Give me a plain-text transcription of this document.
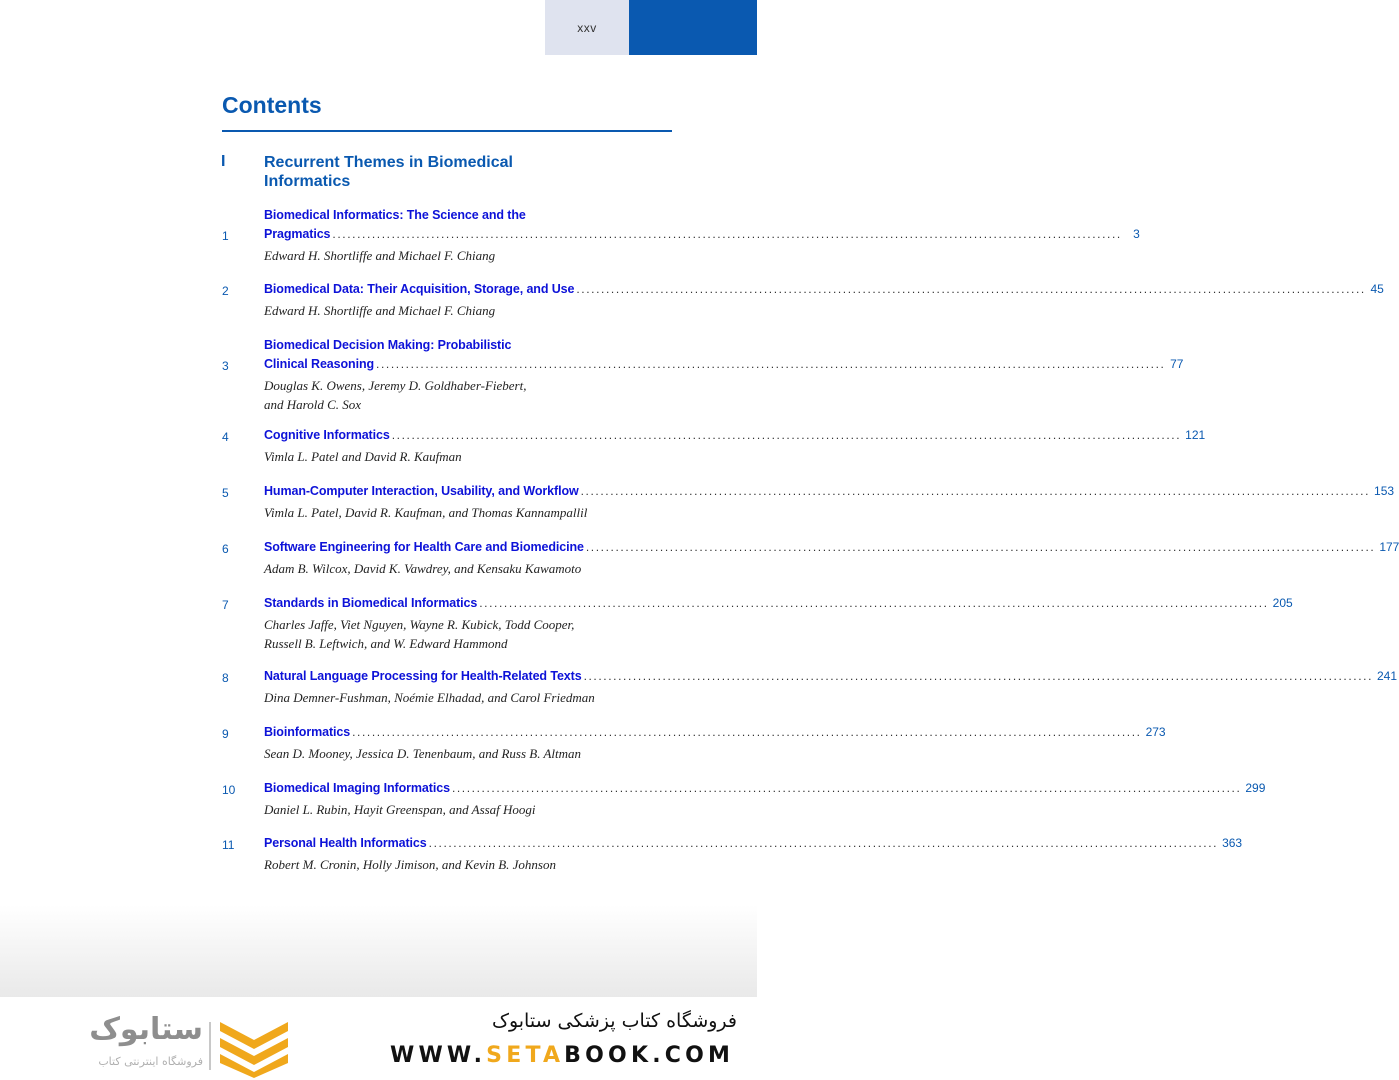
xxv
Contents
I Recurrent Themes in Biomedical Informatics
1
Biomedical Informatics: The Science and the
Pragmatics ................................................................................................................................................................ 3
Edward H. Shortliffe and Michael F. Chiang
2	Biomedical Data: Their Acquisition, Storage, and Use ................................................................................................................................................................ 45
Edward H. Shortliffe and Michael F. Chiang
3
Biomedical Decision Making: Probabilistic
Clinical Reasoning ................................................................................................................................................................ 77
Douglas K. Owens, Jeremy D. Goldhaber-Fiebert,
and Harold C. Sox
4	Cognitive Informatics ................................................................................................................................................................ 121
Vimla L. Patel and David R. Kaufman
5	Human-Computer Interaction, Usability, and Workflow ................................................................................................................................................................ 153
Vimla L. Patel, David R. Kaufman, and Thomas Kannampallil
6	Software Engineering for Health Care and Biomedicine ................................................................................................................................................................ 177
Adam B. Wilcox, David K. Vawdrey, and Kensaku Kawamoto
7	Standards in Biomedical Informatics ................................................................................................................................................................ 205
Charles Jaffe, Viet Nguyen, Wayne R. Kubick, Todd Cooper,
Russell B. Leftwich, and W. Edward Hammond
8	Natural Language Processing for Health-Related Texts ................................................................................................................................................................ 241
Dina Demner-Fushman, Noémie Elhadad, and Carol Friedman
9	Bioinformatics ................................................................................................................................................................ 273
Sean D. Mooney, Jessica D. Tenenbaum, and Russ B. Altman
10 Biomedical Imaging Informatics ................................................................................................................................................................ 299
Daniel L. Rubin, Hayit Greenspan, and Assaf Hoogi
11 Personal Health Informatics ................................................................................................................................................................ 363
Robert M. Cronin, Holly Jimison, and Kevin B. Johnson
ستابوک
فروشگاه اینترنتی کتاب
فروشگاه کتاب پزشکی ستابوک
WWW.SETABOOK.COM
